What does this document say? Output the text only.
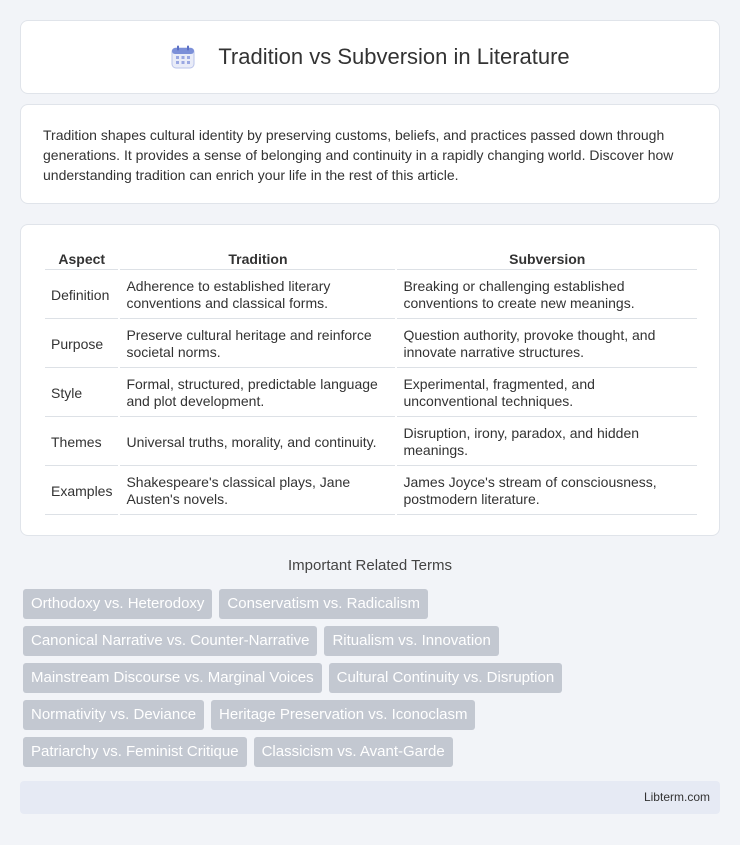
Tradition vs Subversion in Literature

Tradition shapes cultural identity by preserving customs, beliefs, and practices passed down through generations. It provides a sense of belonging and continuity in a rapidly changing world. Discover how understanding tradition can enrich your life in the rest of this article.

Aspect	Tradition	Subversion
Definition	Adherence to established literary conventions and classical forms.	Breaking or challenging established conventions to create new meanings.
Purpose	Preserve cultural heritage and reinforce societal norms.	Question authority, provoke thought, and innovate narrative structures.
Style	Formal, structured, predictable language and plot development.	Experimental, fragmented, and unconventional techniques.
Themes	Universal truths, morality, and continuity.	Disruption, irony, paradox, and hidden meanings.
Examples	Shakespeare's classical plays, Jane Austen's novels.	James Joyce's stream of consciousness, postmodern literature.
Important Related Terms
Orthodoxy vs. Heterodoxy	Conservatism vs. Radicalism
Canonical Narrative vs. Counter-Narrative	Ritualism vs. Innovation
Mainstream Discourse vs. Marginal Voices	Cultural Continuity vs. Disruption
Normativity vs. Deviance	Heritage Preservation vs. Iconoclasm
Patriarchy vs. Feminist Critique	Classicism vs. Avant-Garde
Libterm.com
